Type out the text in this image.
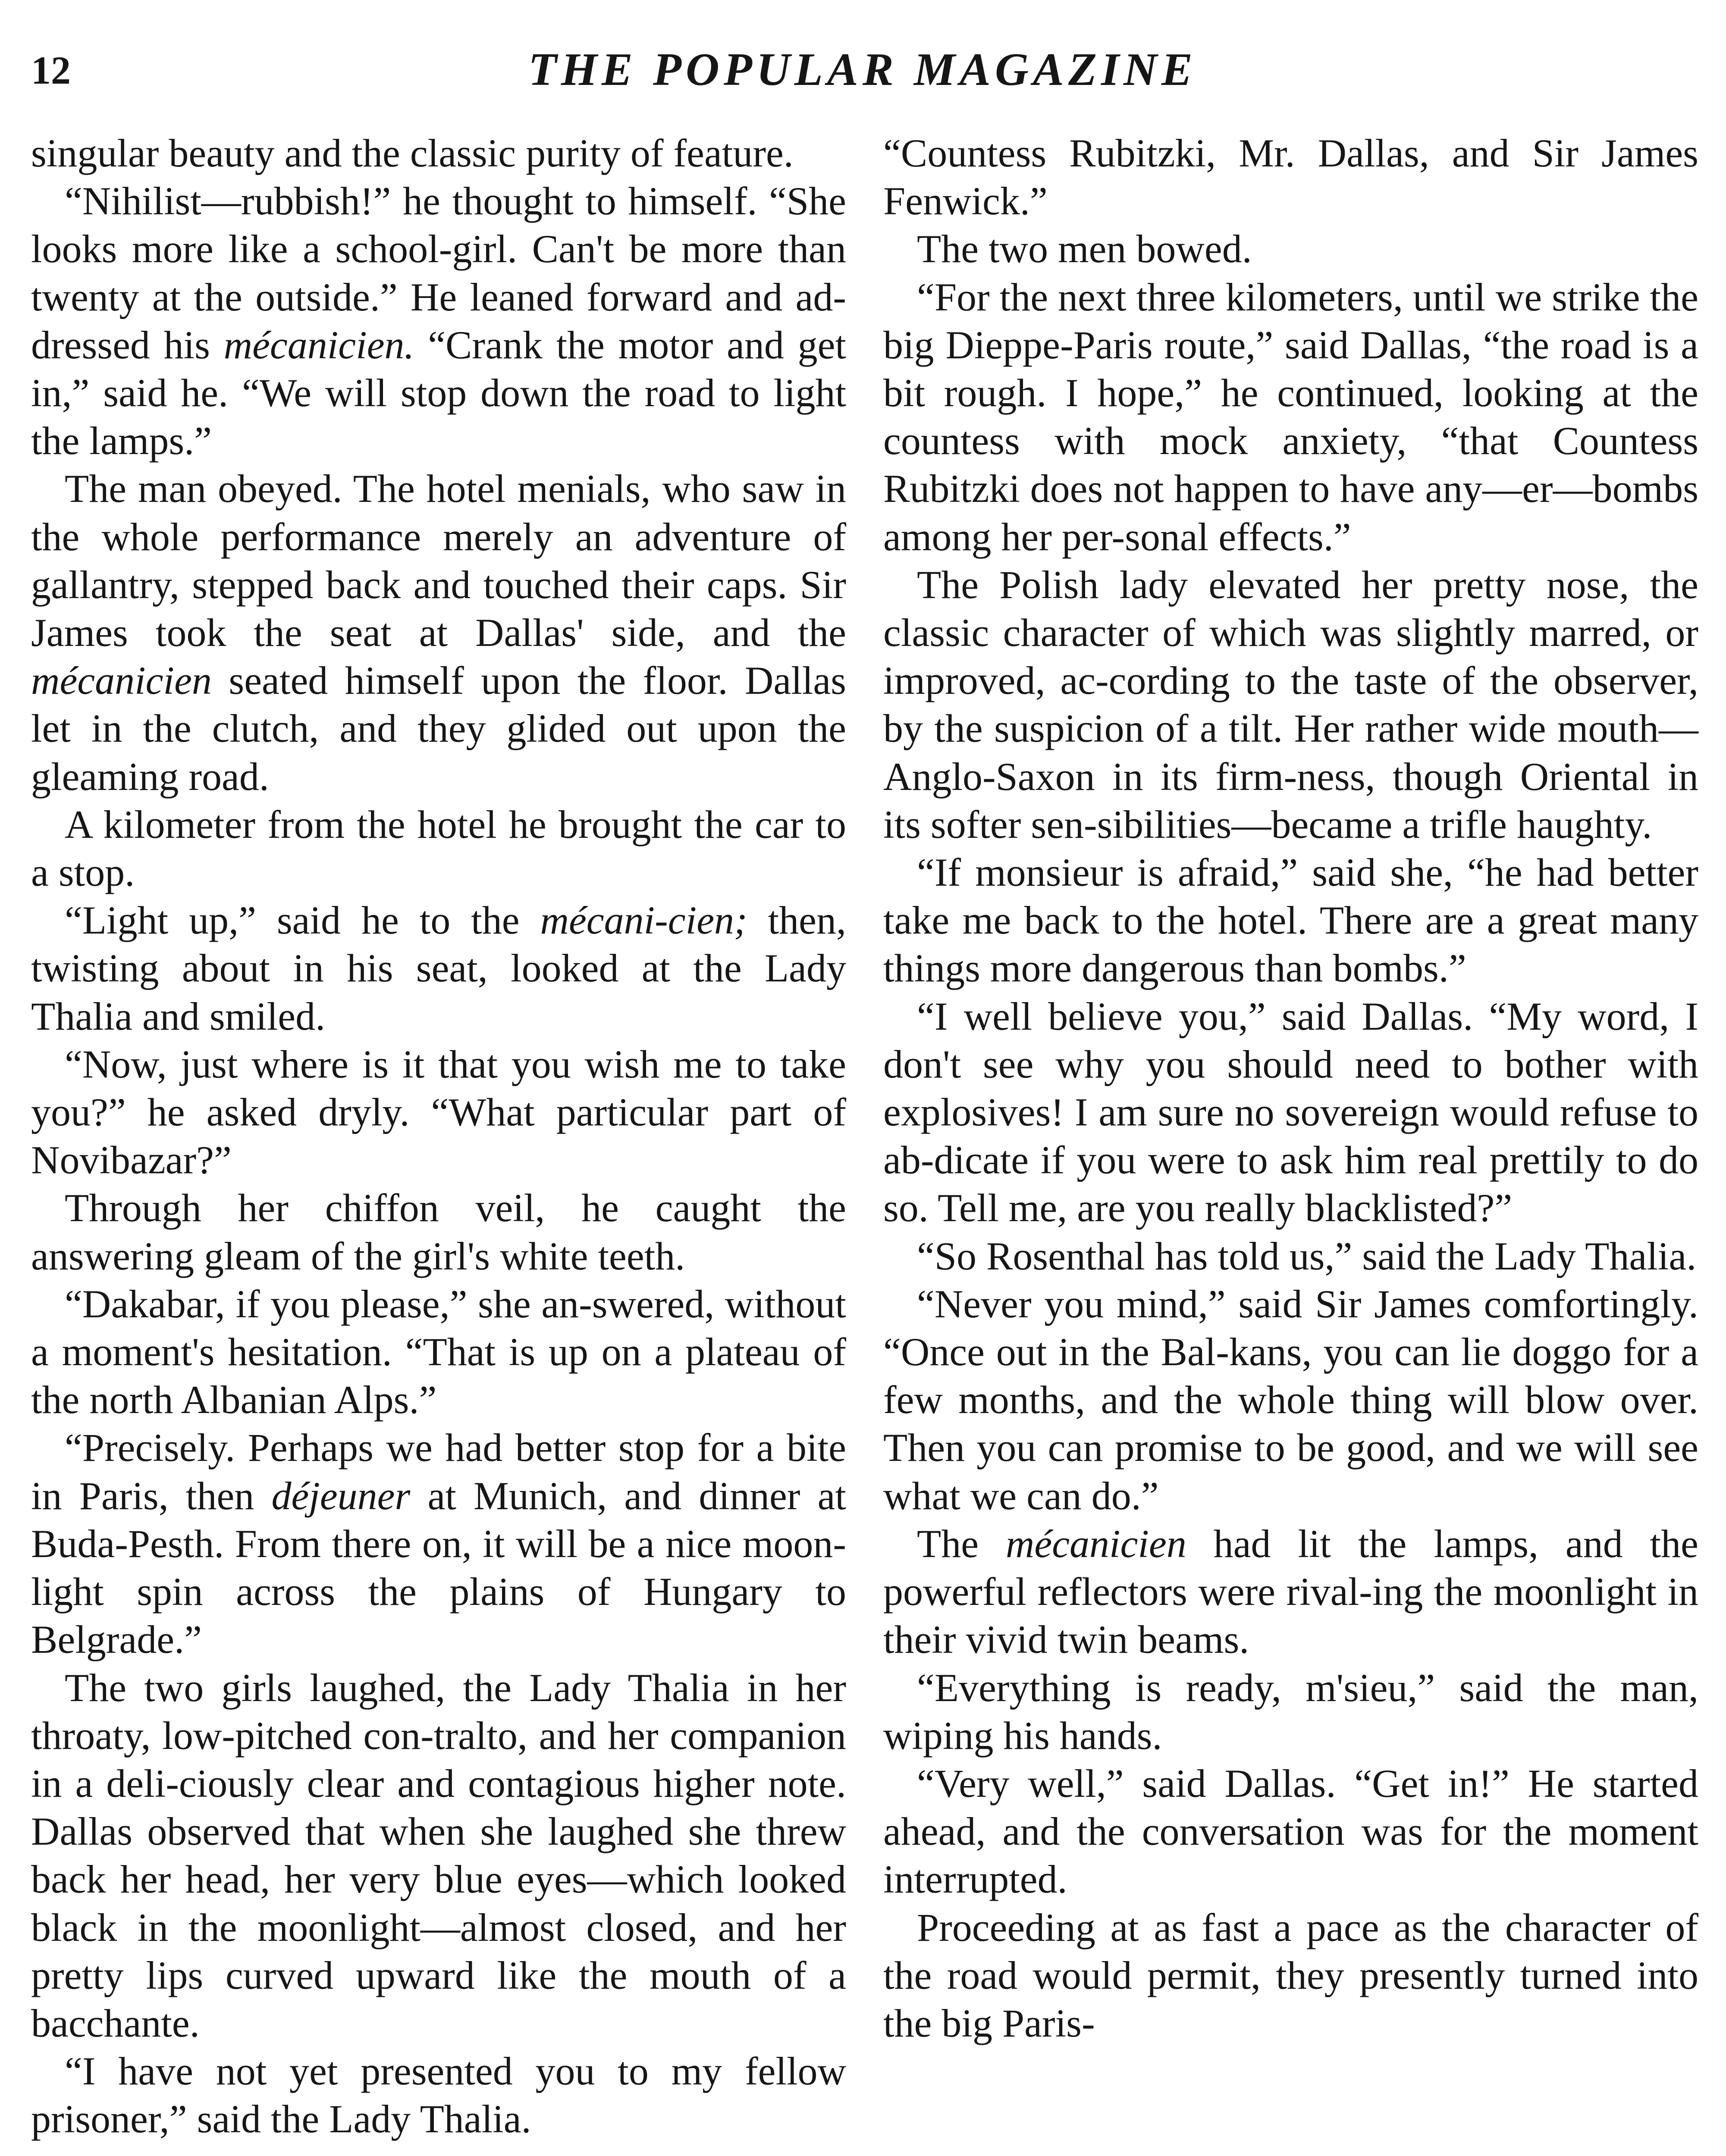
12	THE POPULAR MAGAZINE

singular beauty and the classic purity of feature.

“Nihilist—rubbish!” he thought to himself. “She looks more like a school-girl. Can't be more than twenty at the outside.” He leaned forward and ad-dressed his mécanicien. “Crank the motor and get in,” said he. “We will stop down the road to light the lamps.”

The man obeyed. The hotel menials, who saw in the whole performance merely an adventure of gallantry, stepped back and touched their caps. Sir James took the seat at Dallas' side, and the mécanicien seated himself upon the floor. Dallas let in the clutch, and they glided out upon the gleaming road.

A kilometer from the hotel he brought the car to a stop.

“Light up,” said he to the mécani-cien; then, twisting about in his seat, looked at the Lady Thalia and smiled.

“Now, just where is it that you wish me to take you?” he asked dryly. “What particular part of Novibazar?”

Through her chiffon veil, he caught the answering gleam of the girl's white teeth.

“Dakabar, if you please,” she an-swered, without a moment's hesitation. “That is up on a plateau of the north Albanian Alps.”

“Precisely. Perhaps we had better stop for a bite in Paris, then déjeuner at Munich, and dinner at Buda-Pesth. From there on, it will be a nice moon-light spin across the plains of Hungary to Belgrade.”

The two girls laughed, the Lady Thalia in her throaty, low-pitched con-tralto, and her companion in a deli-ciously clear and contagious higher note. Dallas observed that when she laughed she threw back her head, her very blue eyes—which looked black in the moonlight—almost closed, and her pretty lips curved upward like the mouth of a bacchante.

“I have not yet presented you to my fellow prisoner,” said the Lady Thalia.

“Countess Rubitzki, Mr. Dallas, and Sir James Fenwick.”

The two men bowed.

“For the next three kilometers, until we strike the big Dieppe-Paris route,” said Dallas, “the road is a bit rough. I hope,” he continued, looking at the countess with mock anxiety, “that Countess Rubitzki does not happen to have any—er—bombs among her per-sonal effects.”

The Polish lady elevated her pretty nose, the classic character of which was slightly marred, or improved, ac-cording to the taste of the observer, by the suspicion of a tilt. Her rather wide mouth—Anglo-Saxon in its firm-ness, though Oriental in its softer sen-sibilities—became a trifle haughty.

“If monsieur is afraid,” said she, “he had better take me back to the hotel. There are a great many things more dangerous than bombs.”

“I well believe you,” said Dallas. “My word, I don't see why you should need to bother with explosives! I am sure no sovereign would refuse to ab-dicate if you were to ask him real prettily to do so. Tell me, are you really blacklisted?”

“So Rosenthal has told us,” said the Lady Thalia.

“Never you mind,” said Sir James comfortingly. “Once out in the Bal-kans, you can lie doggo for a few months, and the whole thing will blow over. Then you can promise to be good, and we will see what we can do.”

The mécanicien had lit the lamps, and the powerful reflectors were rival-ing the moonlight in their vivid twin beams.

“Everything is ready, m'sieu,” said the man, wiping his hands.

“Very well,” said Dallas. “Get in!” He started ahead, and the conversation was for the moment interrupted.

Proceeding at as fast a pace as the character of the road would permit, they presently turned into the big Paris-
